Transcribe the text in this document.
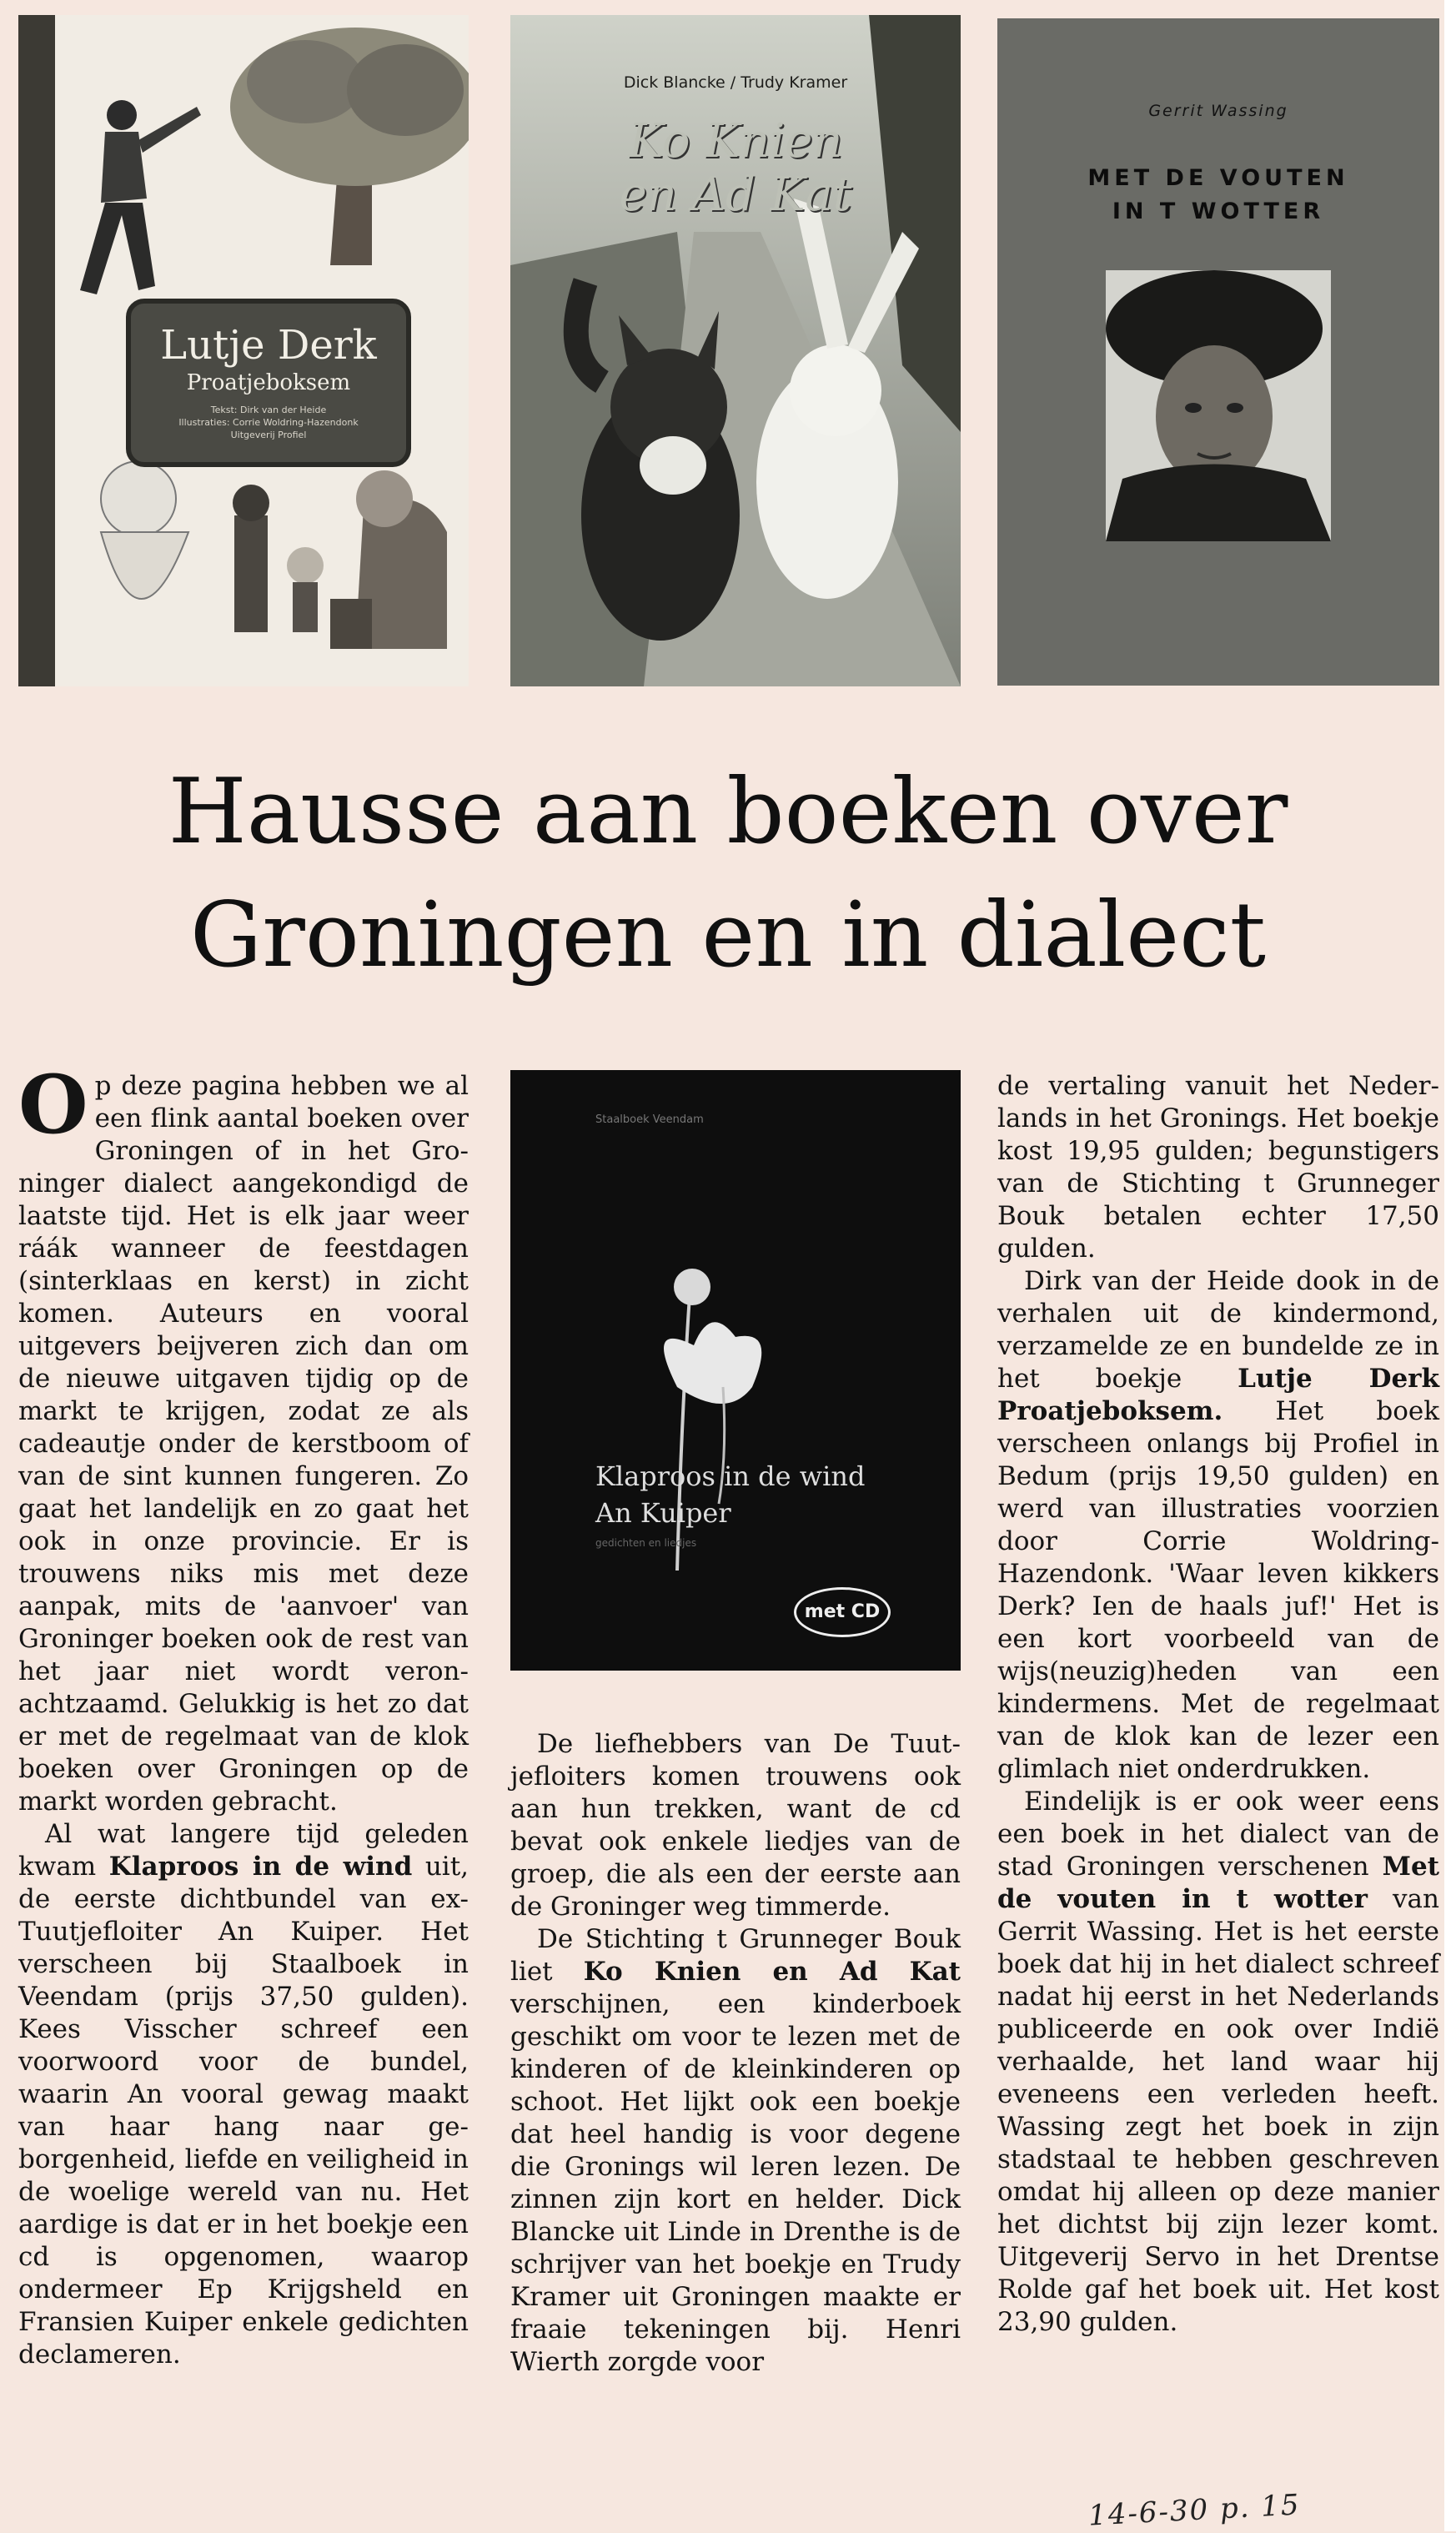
Lutje Derk
Proatjeboksem
Tekst: Dirk van der Heide
Illustraties: Corrie Woldring-Hazendonk
Uitgeverij Profiel
Dick Blancke / Trudy Kramer
Ko Knien
en Ad Kat
Gerrit Wassing
MET DE VOUTEN
IN T WOTTER
Hausse aan boeken over
Groningen en in dialect

Op deze pagina hebben we al een flink aantal boeken over Groningen of in het Groninger dialect aangekondigd de laatste tijd. Het is elk jaar weer ráák wanneer de feestdagen (sinterklaas en kerst) in zicht komen. Auteurs en vooral uitgevers beijveren zich dan om de nieuwe uitgaven tijdig op de markt te krijgen, zodat ze als cadeautje onder de kerstboom of van de sint kunnen fungeren. Zo gaat het landelijk en zo gaat het ook in onze provincie. Er is trouwens niks mis met deze aanpak, mits de 'aanvoer' van Groninger boeken ook de rest van het jaar niet wordt veronachtzaamd. Gelukkig is het zo dat er met de regelmaat van de klok boeken over Groningen op de markt worden gebracht.

Al wat langere tijd geleden kwam Klaproos in de wind uit, de eerste dichtbundel van ex-Tuutjefloiter An Kuiper. Het verscheen bij Staalboek in Veendam (prijs 37,50 gulden). Kees Visscher schreef een voorwoord voor de bundel, waarin An vooral gewag maakt van haar hang naar geborgenheid, liefde en veiligheid in de woelige wereld van nu. Het aardige is dat er in het boekje een cd is opgenomen, waarop ondermeer Ep Krijgsheld en Fransien Kuiper enkele gedichten declameren.

Staalboek Veendam
Klaproos in de wind
An Kuiper
gedichten en liedjes
met CD

De liefhebbers van De Tuutjefloiters komen trouwens ook aan hun trekken, want de cd bevat ook enkele liedjes van de groep, die als een der eerste aan de Groninger weg timmerde.

De Stichting t Grunneger Bouk liet Ko Knien en Ad Kat verschijnen, een kinderboek geschikt om voor te lezen met de kinderen of de kleinkinderen op schoot. Het lijkt ook een boekje dat heel handig is voor degene die Gronings wil leren lezen. De zinnen zijn kort en helder. Dick Blancke uit Linde in Drenthe is de schrijver van het boekje en Trudy Kramer uit Groningen maakte er fraaie tekeningen bij. Henri Wierth zorgde voor

de vertaling vanuit het Nederlands in het Gronings. Het boekje kost 19,95 gulden; begunstigers van de Stichting t Grunneger Bouk betalen echter 17,50 gulden.

Dirk van der Heide dook in de verhalen uit de kindermond, verzamelde ze en bundelde ze in het boekje Lutje Derk Proatjeboksem. Het boek verscheen onlangs bij Profiel in Bedum (prijs 19,50 gulden) en werd van illustraties voorzien door Corrie Woldring-Hazendonk. 'Waar leven kikkers Derk? Ien de haals juf!' Het is een kort voorbeeld van de wijs(neuzig)heden van een kindermens. Met de regelmaat van de klok kan de lezer een glimlach niet onderdrukken.

Eindelijk is er ook weer eens een boek in het dialect van de stad Groningen verschenen Met de vouten in t wotter van Gerrit Wassing. Het is het eerste boek dat hij in het dialect schreef nadat hij eerst in het Nederlands publiceerde en ook over Indië verhaalde, het land waar hij eveneens een verleden heeft. Wassing zegt het boek in zijn stadstaal te hebben geschreven omdat hij alleen op deze manier het dichtst bij zijn lezer komt. Uitgeverij Servo in het Drentse Rolde gaf het boek uit. Het kost 23,90 gulden.

14-6-30 p. 15
